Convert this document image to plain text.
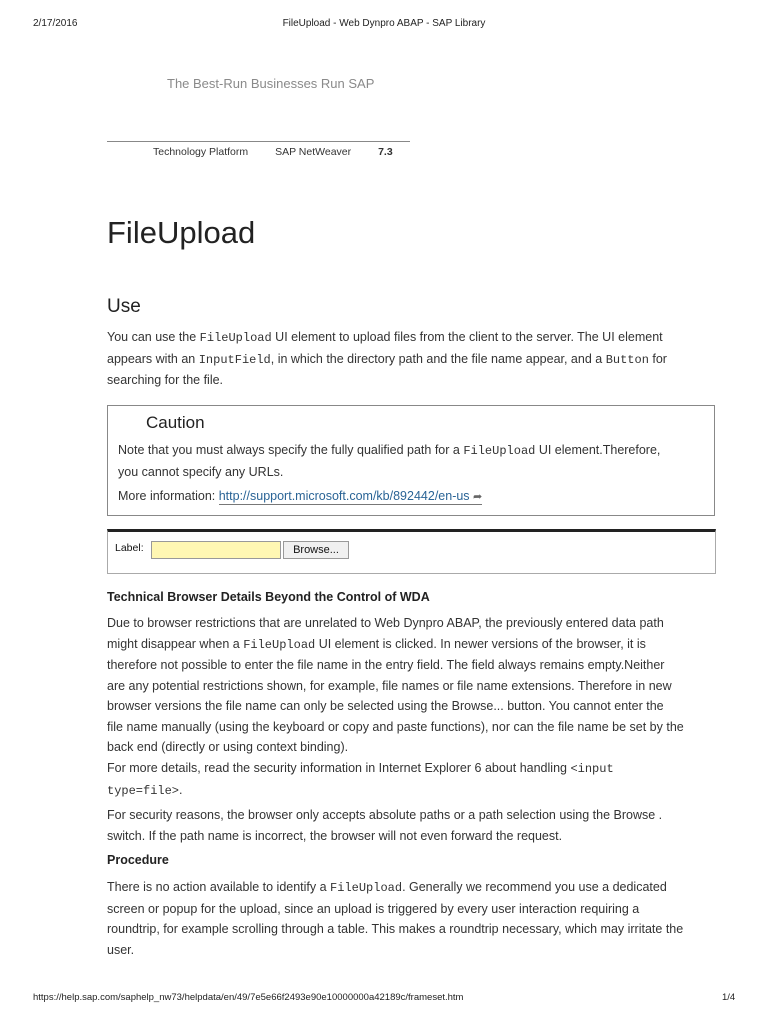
2/17/2016	FileUpload - Web Dynpro ABAP - SAP Library
The Best-Run Businesses Run SAP
Technology Platform	SAP NetWeaver	7.3
FileUpload
Use

You can use the FileUpload UI element to upload files from the client to the server. The UI element

appears with an InputField, in which the directory path and the file name appear, and a Button for

searching for the file.

Caution

Note that you must always specify the fully qualified path for a FileUpload UI element.Therefore,

you cannot specify any URLs.

More information: http://support.microsoft.com/kb/892442/en-us ➦

Label:	Browse...
Technical Browser Details Beyond the Control of WDA

Due to browser restrictions that are unrelated to Web Dynpro ABAP, the previously entered data path

might disappear when a FileUpload UI element is clicked. In newer versions of the browser, it is

therefore not possible to enter the file name in the entry field. The field always remains empty.Neither

are any potential restrictions shown, for example, file names or file name extensions. Therefore in new

browser versions the file name can only be selected using the Browse... button. You cannot enter the

file name manually (using the keyboard or copy and paste functions), nor can the file name be set by the

back end (directly or using context binding).

For more details, read the security information in Internet Explorer 6 about handling <input

type=file>.

For security reasons, the browser only accepts absolute paths or a path selection using the Browse .

switch. If the path name is incorrect, the browser will not even forward the request.

Procedure

There is no action available to identify a FileUpload. Generally we recommend you use a dedicated

screen or popup for the upload, since an upload is triggered by every user interaction requiring a

roundtrip, for example scrolling through a table. This makes a roundtrip necessary, which may irritate the

user.

https://help.sap.com/saphelp_nw73/helpdata/en/49/7e5e66f2493e90e10000000a42189c/frameset.htm	1/4
